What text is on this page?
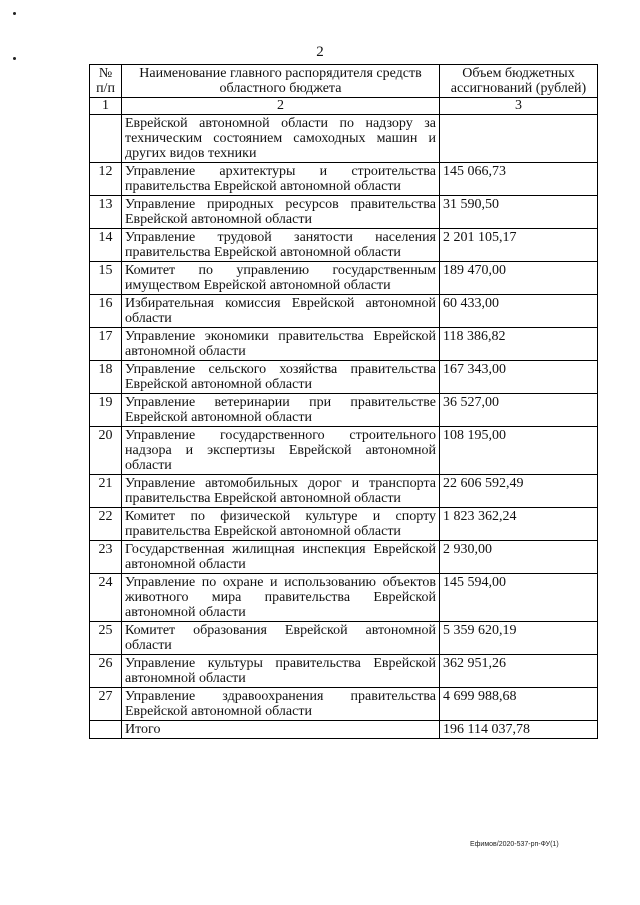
2
№ п/п	Наименование главного распорядителя средств областного бюджета	Объем бюджетных ассигнований (рублей)
1	2	3
	Еврейской автономной области по надзору за техническим состоянием самоходных машин и других видов техники	
12	Управление архитектуры и строительства правительства Еврейской автономной области	145 066,73
13	Управление природных ресурсов правительства Еврейской автономной области	31 590,50
14	Управление трудовой занятости населения правительства Еврейской автономной области	2 201 105,17
15	Комитет по управлению государственным имуществом Еврейской автономной области	189 470,00
16	Избирательная комиссия Еврейской автономной области	60 433,00
17	Управление экономики правительства Еврейской автономной области	118 386,82
18	Управление сельского хозяйства правительства Еврейской автономной области	167 343,00
19	Управление ветеринарии при правительстве Еврейской автономной области	36 527,00
20	Управление государственного строительного надзора и экспертизы Еврейской автономной области	108 195,00
21	Управление автомобильных дорог и транспорта правительства Еврейской автономной области	22 606 592,49
22	Комитет по физической культуре и спорту правительства Еврейской автономной области	1 823 362,24
23	Государственная жилищная инспекция Еврейской автономной области	2 930,00
24	Управление по охране и использованию объектов животного мира правительства Еврейской автономной области	145 594,00
25	Комитет образования Еврейской автономной области	5 359 620,19
26	Управление культуры правительства Еврейской автономной области	362 951,26
27	Управление здравоохранения правительства Еврейской автономной области	4 699 988,68
	Итого	196 114 037,78
Ефимов/2020-537-рп-ФУ(1)
